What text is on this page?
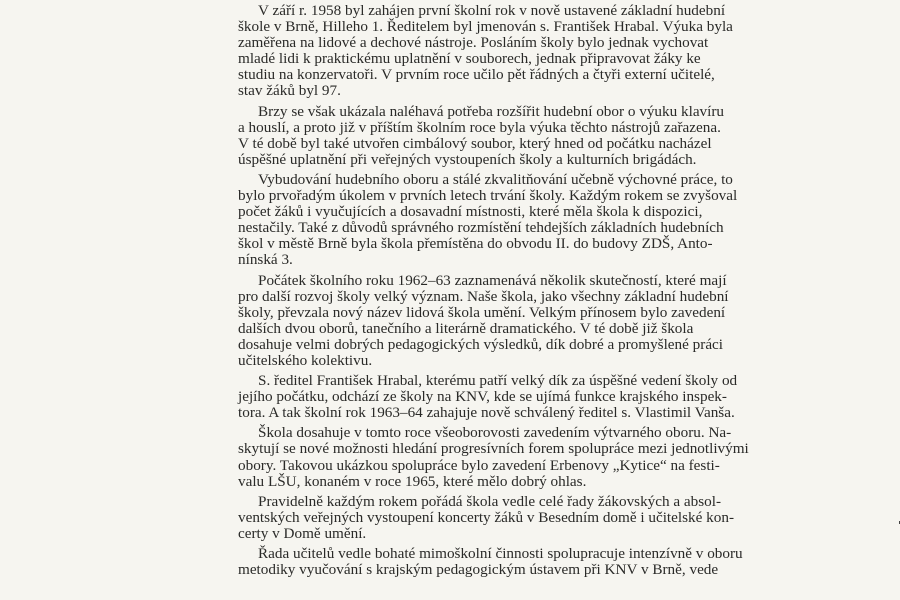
V září r. 1958 byl zahájen první školní rok v nově ustavené základní hudební
škole v Brně, Hilleho 1. Ředitelem byl jmenován s. František Hrabal. Výuka byla
zaměřena na lidové a dechové nástroje. Posláním školy bylo jednak vychovat
mladé lidi k praktickému uplatnění v souborech, jednak připravovat žáky ke
studiu na konzervatoři. V prvním roce učilo pět řádných a čtyři externí učitelé,
stav žáků byl 97.

Brzy se však ukázala naléhavá potřeba rozšířit hudební obor o výuku klavíru
a houslí, a proto již v příštím školním roce byla výuka těchto nástrojů zařazena.
V té době byl také utvořen cimbálový soubor, který hned od počátku nacházel
úspěšné uplatnění při veřejných vystoupeních školy a kulturních brigádách.

Vybudování hudebního oboru a stálé zkvalitňování učebně výchovné práce, to
bylo prvořadým úkolem v prvních letech trvání školy. Každým rokem se zvyšoval
počet žáků i vyučujících a dosavadní místnosti, které měla škola k dispozici,
nestačily. Také z důvodů správného rozmístění tehdejších základních hudebních
škol v městě Brně byla škola přemístěna do obvodu II. do budovy ZDŠ, Anto-
nínská 3.

Počátek školního roku 1962–63 zaznamenává několik skutečností, které mají
pro další rozvoj školy velký význam. Naše škola, jako všechny základní hudební
školy, převzala nový název lidová škola umění. Velkým přínosem bylo zavedení
dalších dvou oborů, tanečního a literárně dramatického. V té době již škola
dosahuje velmi dobrých pedagogických výsledků, dík dobré a promyšlené práci
učitelského kolektivu.

S. ředitel František Hrabal, kterému patří velký dík za úspěšné vedení školy od
jejího počátku, odchází ze školy na KNV, kde se ujímá funkce krajského inspek-
tora. A tak školní rok 1963–64 zahajuje nově schválený ředitel s. Vlastimil Vanša.

Škola dosahuje v tomto roce všeoborovosti zavedením výtvarného oboru. Na-
skytují se nové možnosti hledání progresívních forem spolupráce mezi jednotlivými
obory. Takovou ukázkou spolupráce bylo zavedení Erbenovy „Kytice“ na festi-
valu LŠU, konaném v roce 1965, které mělo dobrý ohlas.

Pravidelně každým rokem pořádá škola vedle celé řady žákovských a absol-
ventských veřejných vystoupení koncerty žáků v Besedním domě i učitelské kon-
certy v Domě umění.

Řada učitelů vedle bohaté mimoškolní činnosti spolupracuje intenzívně v oboru
metodiky vyučování s krajským pedagogickým ústavem při KNV v Brně, vede
